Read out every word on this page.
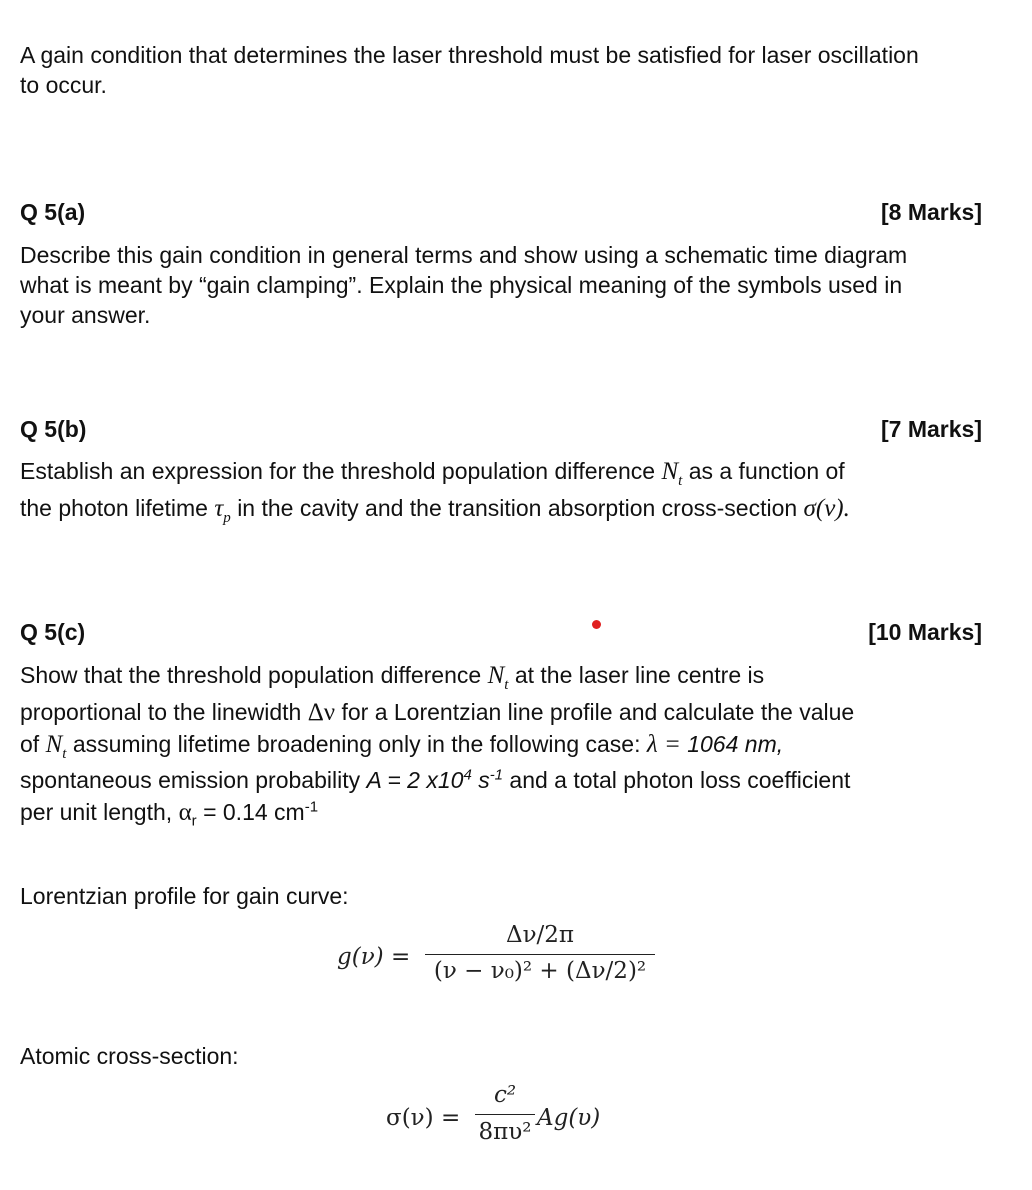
A gain condition that determines the laser threshold must be satisfied for laser oscillation to occur.

Q 5(a)	[8 Marks]

Describe this gain condition in general terms and show using a schematic time diagram what is meant by “gain clamping”. Explain the physical meaning of the symbols used in your answer.

Q 5(b)	[7 Marks]
Establish an expression for the threshold population difference $N_t$ as a function of
the photon lifetime $\tau_p$ in the cavity and the transition absorption cross-section σ(ν).
Q 5(c)	[10 Marks]
Show that the threshold population difference $N_t$ at the laser line centre is
proportional to the linewidth Δν for a Lorentzian line profile and calculate the value
of $N_t$ assuming lifetime broadening only in the following case: λ = 1064 nm,
spontaneous emission probability A = 2 $x10^4$ $s^{-1}$ and a total photon loss coefficient
per unit length, $\alpha_r = 0.14$ $cm^{-1}$
Lorentzian profile for gain curve:
g(ν) =
Δν/2π
(ν − ν₀)² + (Δν/2)²
Atomic cross-section:
σ(ν) =
c²
8πυ²
Ag(υ)
